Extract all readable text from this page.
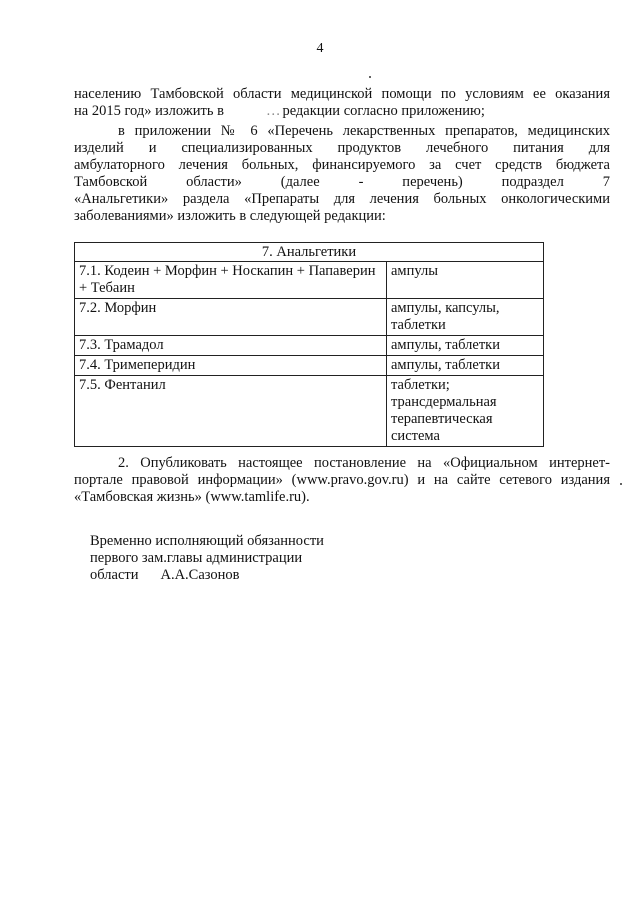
4
населению Тамбовской области медицинской помощи по условиям ее оказания
на 2015 год» изложить в	… редакции согласно приложению;
в приложении № 6 «Перечень лекарственных препаратов, медицинских
изделий и специализированных продуктов лечебного питания для
амбулаторного лечения больных, финансируемого за счет средств бюджета
Тамбовской области» (далее - перечень) подраздел 7
«Анальгетики» раздела «Препараты для лечения больных онкологическими
заболеваниями» изложить в следующей редакции:
7. Анальгетики	
7.1. Кодеин + Морфин + Носкапин + Папаверин + Тебаин	ампулы
7.2. Морфин	ампулы, капсулы, таблетки
7.3. Трамадол	ампулы, таблетки
7.4. Тримеперидин	ампулы, таблетки
7.5. Фентанил	таблетки; трансдермальная терапевтическая система
2. Опубликовать настоящее постановление на «Официальном интернет-
портале правовой информации» (www.pravo.gov.ru) и на сайте сетевого издания
«Тамбовская жизнь» (www.tamlife.ru).
Временно исполняющий обязанности
первого зам.главы администрации
области А.А.Сазонов
